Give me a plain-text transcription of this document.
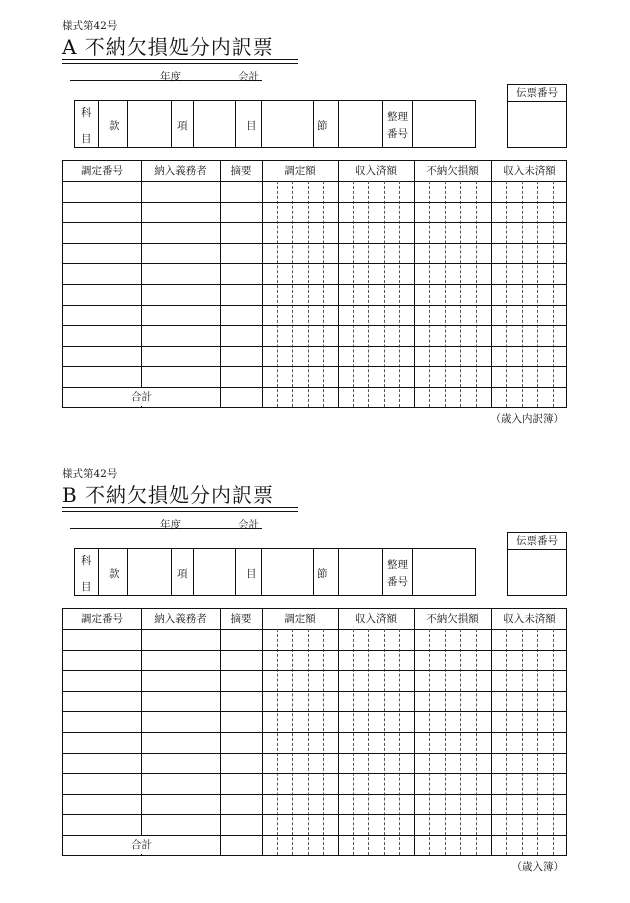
様式第42号
A 不納欠損処分内訳票
年度	会計
科
目
款	項	目	節
整理
番号
伝票番号
調定番号	納入義務者	摘要	調定額	収入済額	不納欠損額	収入未済額
合計
（歳入内訳簿）
様式第42号
B 不納欠損処分内訳票
年度	会計
科
目
款	項	目	節
整理
番号
伝票番号
調定番号	納入義務者	摘要	調定額	収入済額	不納欠損額	収入未済額
合計
（歳入簿）
